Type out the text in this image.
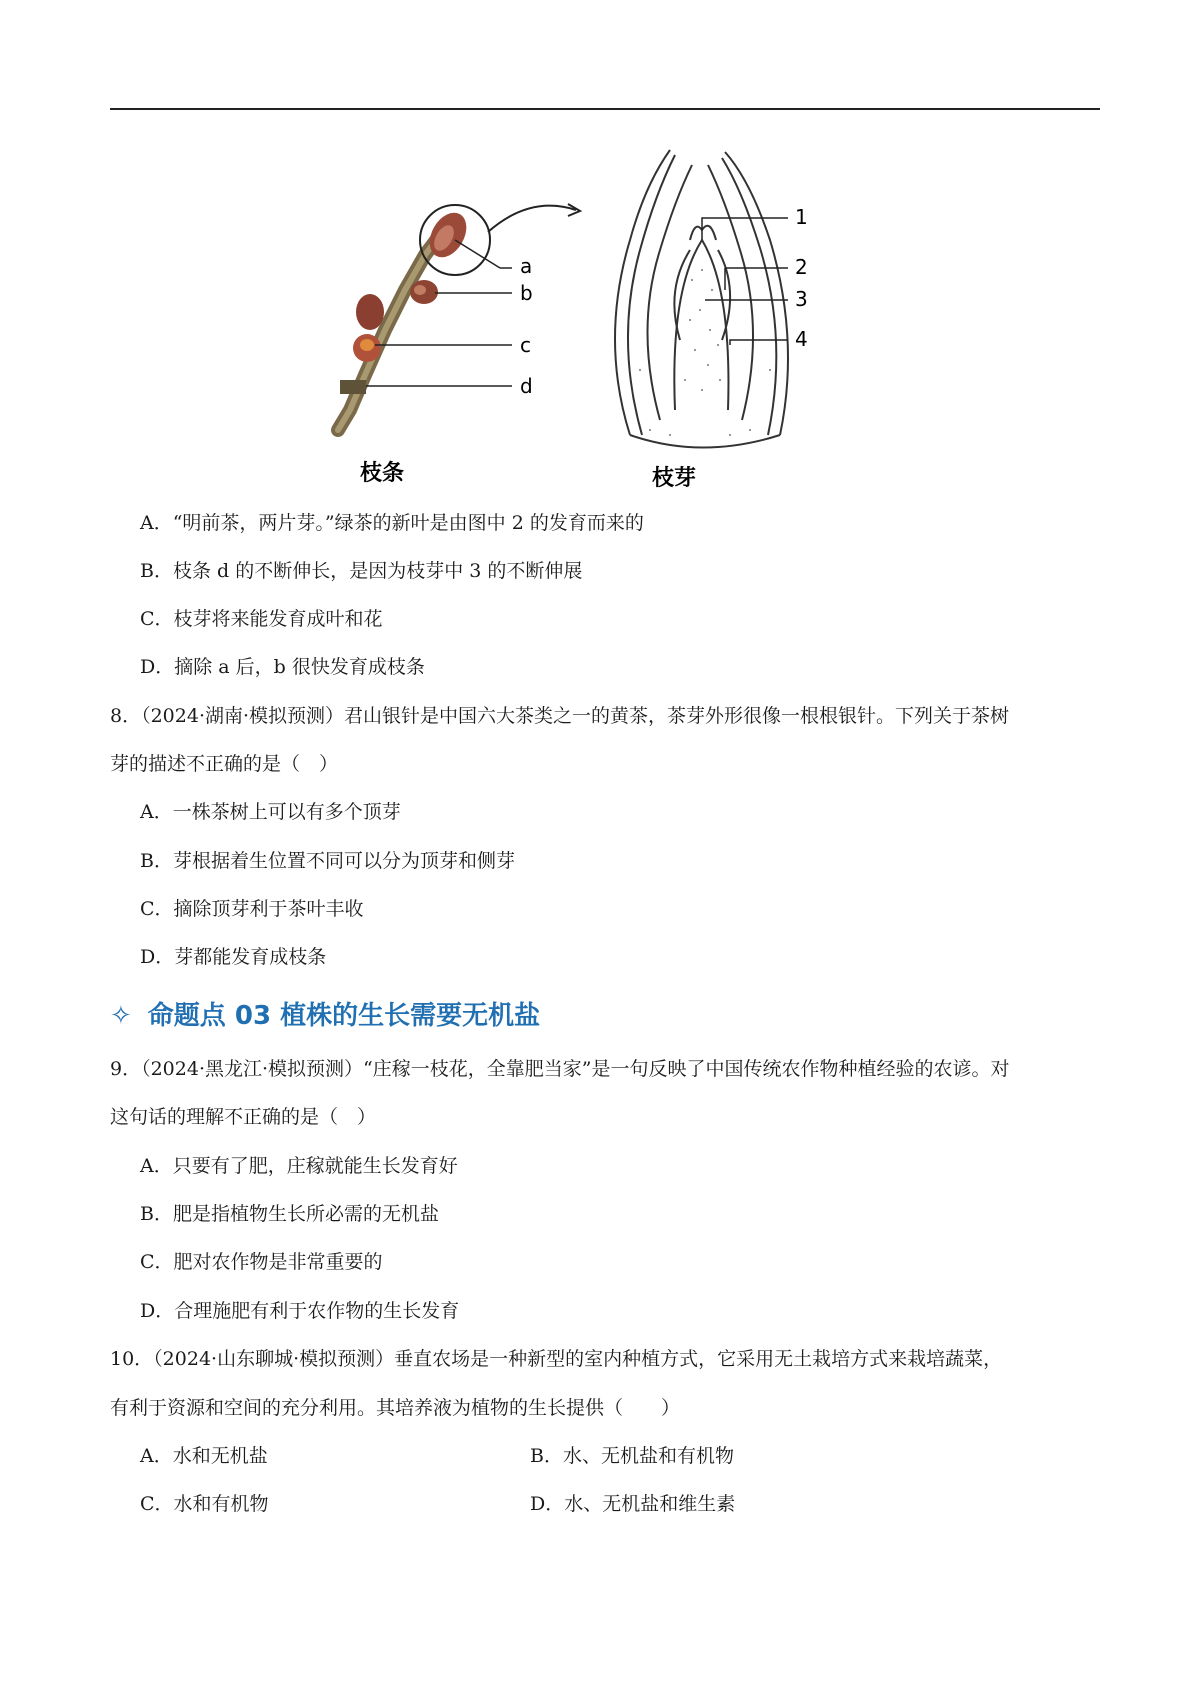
a
b
c
d
枝条
1
2
3
4
枝芽
A．“明前茶，两片芽。”绿茶的新叶是由图中 2 的发育而来的
B．枝条 d 的不断伸长，是因为枝芽中 3 的不断伸展
C．枝芽将来能发育成叶和花
D．摘除 a 后，b 很快发育成枝条
8．（2024·湖南·模拟预测）君山银针是中国六大茶类之一的黄茶，茶芽外形很像一根根银针。下列关于茶树
芽的描述不正确的是（　）
A．一株茶树上可以有多个顶芽
B．芽根据着生位置不同可以分为顶芽和侧芽
C．摘除顶芽利于茶叶丰收
D．芽都能发育成枝条
✧ 命题点 03 植株的生长需要无机盐
9．（2024·黑龙江·模拟预测）“庄稼一枝花，全靠肥当家”是一句反映了中国传统农作物种植经验的农谚。对
这句话的理解不正确的是（　）
A．只要有了肥，庄稼就能生长发育好
B．肥是指植物生长所必需的无机盐
C．肥对农作物是非常重要的
D．合理施肥有利于农作物的生长发育
10．（2024·山东聊城·模拟预测）垂直农场是一种新型的室内种植方式，它采用无土栽培方式来栽培蔬菜，
有利于资源和空间的充分利用。其培养液为植物的生长提供（　　）
A．水和无机盐	B．水、无机盐和有机物
C．水和有机物	D．水、无机盐和维生素
